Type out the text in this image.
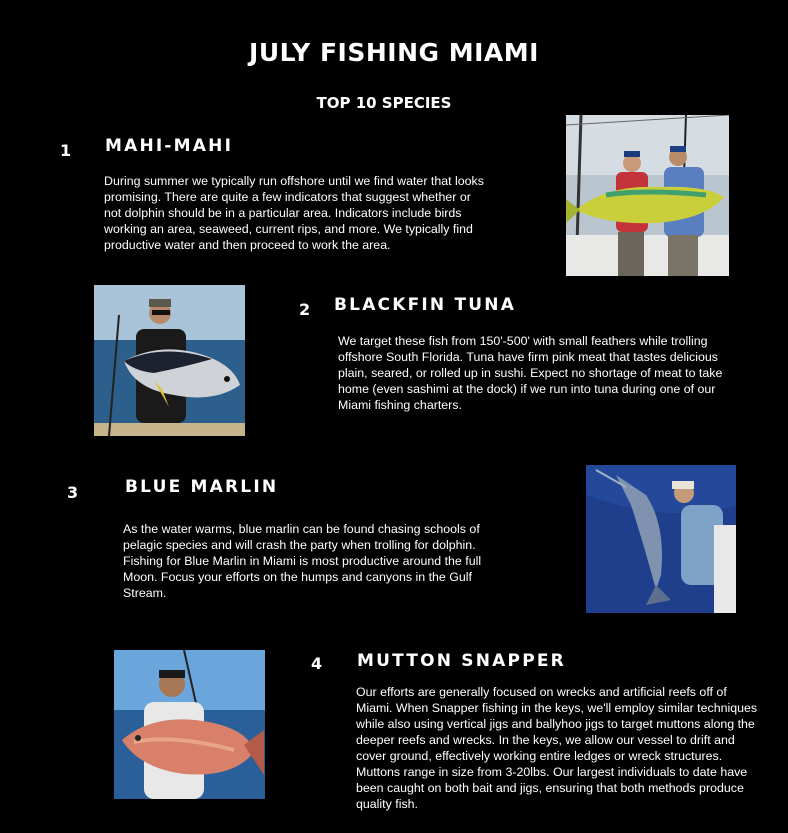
JULY FISHING MIAMI
TOP 10 SPECIES
1 MAHI-MAHI
During summer we typically run offshore until we find water that looks promising. There are quite a few indicators that suggest whether or not dolphin should be in a particular area. Indicators include birds working an area, seaweed, current rips, and more. We typically find productive water and then proceed to work the area.
2 BLACKFIN TUNA
We target these fish from 150'-500' with small feathers while trolling offshore South Florida. Tuna have firm pink meat that tastes delicious plain, seared, or rolled up in sushi. Expect no shortage of meat to take home (even sashimi at the dock) if we run into tuna during one of our Miami fishing charters.
3	BLUE MARLIN
As the water warms, blue marlin can be found chasing schools of pelagic species and will crash the party when trolling for dolphin. Fishing for Blue Marlin in Miami is most productive around the full Moon. Focus your efforts on the humps and canyons in the Gulf Stream.
4 MUTTON SNAPPER
Our efforts are generally focused on wrecks and artificial reefs off of Miami. When Snapper fishing in the keys, we'll employ similar techniques while also using vertical jigs and ballyhoo jigs to target muttons along the deeper reefs and wrecks. In the keys, we allow our vessel to drift and cover ground, effectively working entire ledges or wreck structures. Muttons range in size from 3-20lbs. Our largest individuals to date have been caught on both bait and jigs, ensuring that both methods produce quality fish.
